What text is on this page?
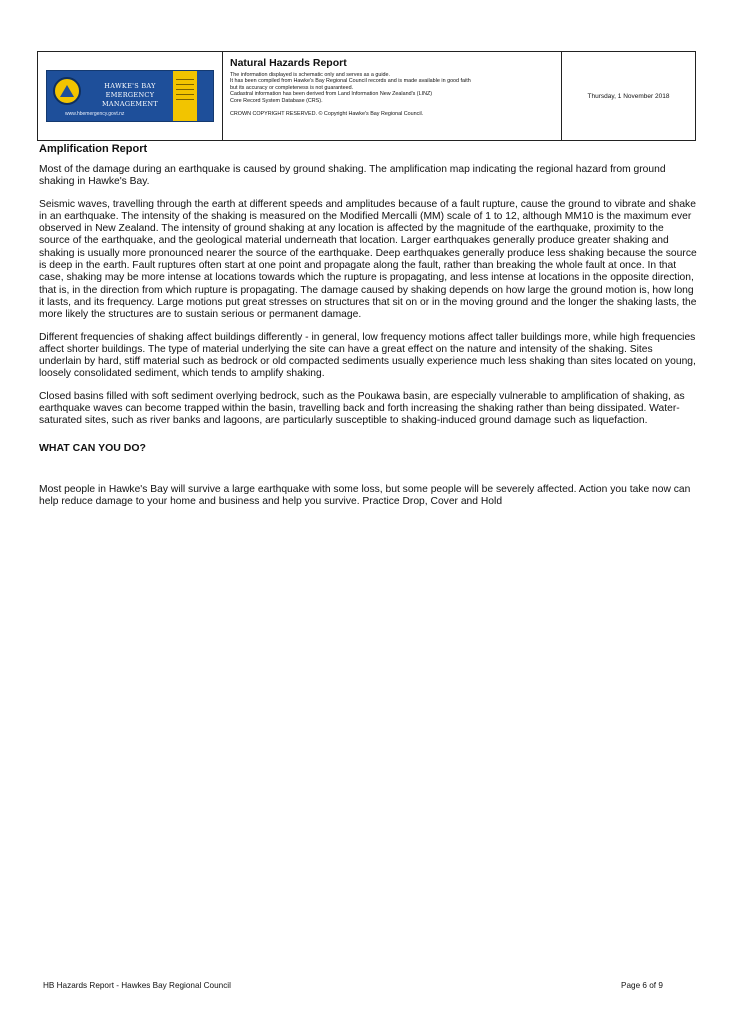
HAWKE'S BAY
EMERGENCY MANAGEMENT
www.hbemergency.govt.nz
Natural Hazards Report
The information displayed is schematic only and serves as a guide.
It has been compiled from Hawke's Bay Regional Council records and is made available in good faith
but its accuracy or completeness is not guaranteed.
Cadastral information has been derived from Land Information New Zealand's (LINZ)
Core Record System Database (CRS).
CROWN COPYRIGHT RESERVED. © Copyright Hawke's Bay Regional Council.
Thursday, 1 November 2018
Amplification Report

Most of the damage during an earthquake is caused by ground shaking. The amplification map indicating the regional hazard from ground shaking in Hawke's Bay.

Seismic waves, travelling through the earth at different speeds and amplitudes because of a fault rupture, cause the ground to vibrate and shake in an earthquake. The intensity of the shaking is measured on the Modified Mercalli (MM) scale of 1 to 12, although MM10 is the maximum ever observed in New Zealand. The intensity of ground shaking at any location is affected by the magnitude of the earthquake, proximity to the source of the earthquake, and the geological material underneath that location. Larger earthquakes generally produce greater shaking and shaking is usually more pronounced nearer the source of the earthquake. Deep earthquakes generally produce less shaking because the source is deep in the earth. Fault ruptures often start at one point and propagate along the fault, rather than breaking the whole fault at once. In that case, shaking may be more intense at locations towards which the rupture is propagating, and less intense at locations in the opposite direction, that is, in the direction from which rupture is propagating. The damage caused by shaking depends on how large the ground motion is, how long it lasts, and its frequency. Large motions put great stresses on structures that sit on or in the moving ground and the longer the shaking lasts, the more likely the structures are to sustain serious or permanent damage.

Different frequencies of shaking affect buildings differently - in general, low frequency motions affect taller buildings more, while high frequencies affect shorter buildings. The type of material underlying the site can have a great effect on the nature and intensity of the shaking. Sites underlain by hard, stiff material such as bedrock or old compacted sediments usually experience much less shaking than sites located on young, loosely consolidated sediment, which tends to amplify shaking.

Closed basins filled with soft sediment overlying bedrock, such as the Poukawa basin, are especially vulnerable to amplification of shaking, as earthquake waves can become trapped within the basin, travelling back and forth increasing the shaking rather than being dissipated. Water-saturated sites, such as river banks and lagoons, are particularly susceptible to shaking-induced ground damage such as liquefaction.

WHAT CAN YOU DO?

Most people in Hawke's Bay will survive a large earthquake with some loss, but some people will be severely affected. Action you take now can help reduce damage to your home and business and help you survive. Practice Drop, Cover and Hold

HB Hazards Report - Hawkes Bay Regional Council	Page 6 of 9
